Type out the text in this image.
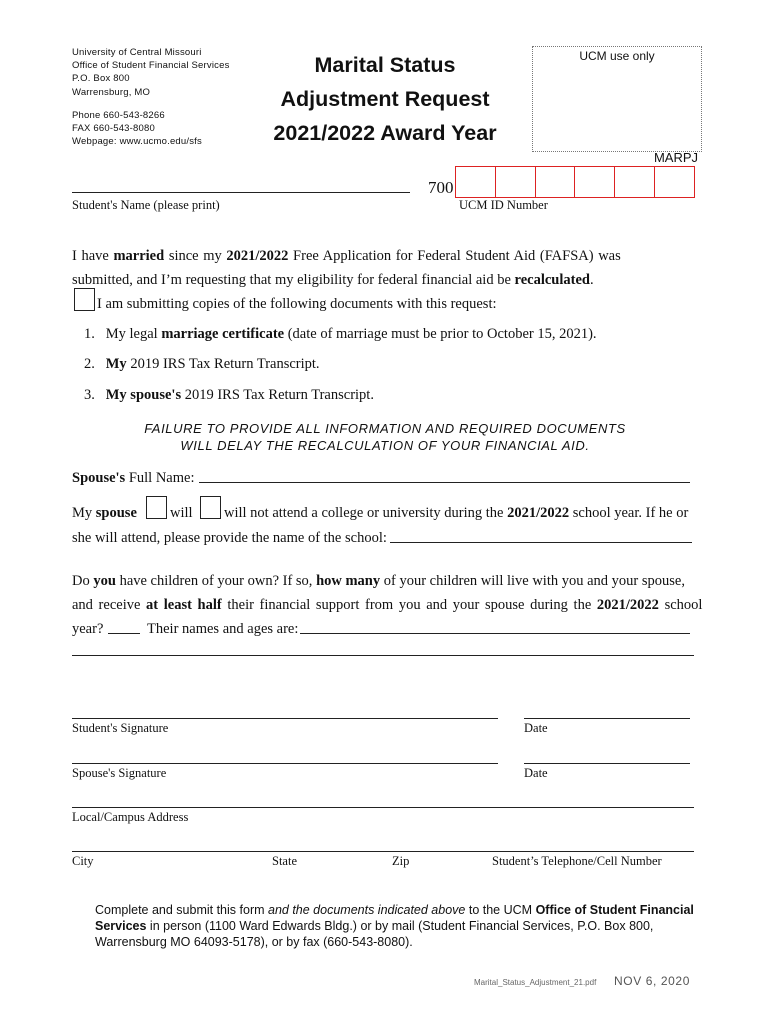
University of Central Missouri
Office of Student Financial Services
P.O. Box 800
Warrensburg, MO
Phone 660-543-8266
FAX 660-543-8080
Webpage: www.ucmo.edu/sfs
Marital Status
Adjustment Request
2021/2022 Award Year
UCM use only
MARPJ
Student's Name (please print)
700
UCM ID Number
I have married since my 2021/2022 Free Application for Federal Student Aid (FAFSA) was
submitted, and I’m requesting that my eligibility for federal financial aid be recalculated.
I am submitting copies of the following documents with this request:
1. My legal marriage certificate (date of marriage must be prior to October 15, 2021).
2. My 2019 IRS Tax Return Transcript.
3. My spouse's 2019 IRS Tax Return Transcript.
FAILURE TO PROVIDE ALL INFORMATION AND REQUIRED DOCUMENTS
WILL DELAY THE RECALCULATION OF YOUR FINANCIAL AID.
Spouse's Full Name:
My spouse will will not attend a college or university during the 2021/2022 school year. If he or
she will attend, please provide the name of the school:
Do you have children of your own? If so, how many of your children will live with you and your spouse,
and receive at least half their financial support from you and your spouse during the 2021/2022 school
year?	Their names and ages are:
Student's Signature	Date
Spouse's Signature	Date
Local/Campus Address
City	State	Zip	Student’s Telephone/Cell Number
Complete and submit this form and the documents indicated above to the UCM Office of Student Financial Services in person (1100 Ward Edwards Bldg.) or by mail (Student Financial Services, P.O. Box 800, Warrensburg MO 64093-5178), or by fax (660-543-8080).
Marital_Status_Adjustment_21.pdf NOV 6, 2020
